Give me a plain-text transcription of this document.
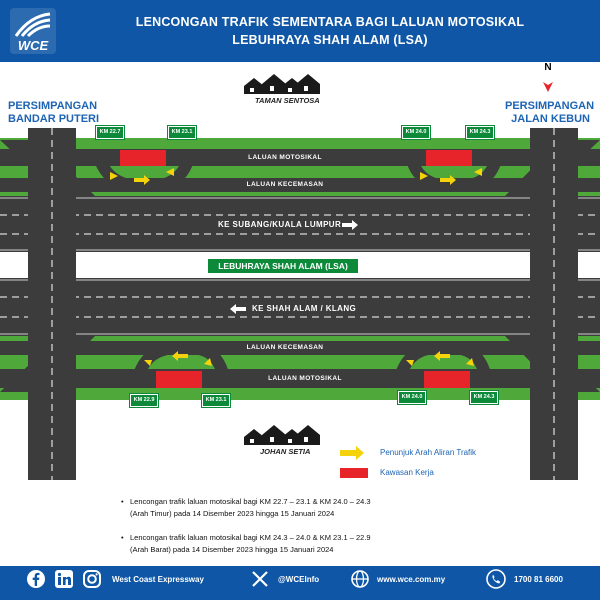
WCE
LENCONGAN TRAFIK SEMENTARA BAGI LALUAN MOTOSIKAL
LEBUHRAYA SHAH ALAM (LSA)
PERSIMPANGAN
BANDAR PUTERI
PERSIMPANGAN
JALAN KEBUN
N
TAMAN SENTOSA
JOHAN SETIA
KM 22.7	KM 23.1	KM 24.0	KM 24.3
KM 22.9	KM 23.1	KM 24.0	KM 24.3
LALUAN MOTOSIKAL
LALUAN KECEMASAN
KE SUBANG/KUALA LUMPUR
LEBUHRAYA SHAH ALAM (LSA)
KE SHAH ALAM / KLANG
LALUAN KECEMASAN
LALUAN MOTOSIKAL
Penunjuk Arah Aliran Trafik
Kawasan Kerja
• Lencongan trafik laluan motosikal bagi KM 22.7 – 23.1 & KM 24.0 – 24.3
(Arah Timur) pada 14 Disember 2023 hingga 15 Januari 2024
• Lencongan trafik laluan motosikal bagi KM 24.3 – 24.0 & KM 23.1 – 22.9
(Arah Barat) pada 14 Disember 2023 hingga 15 Januari 2024
West Coast Expressway	@WCEInfo	www.wce.com.my	1700 81 6600
